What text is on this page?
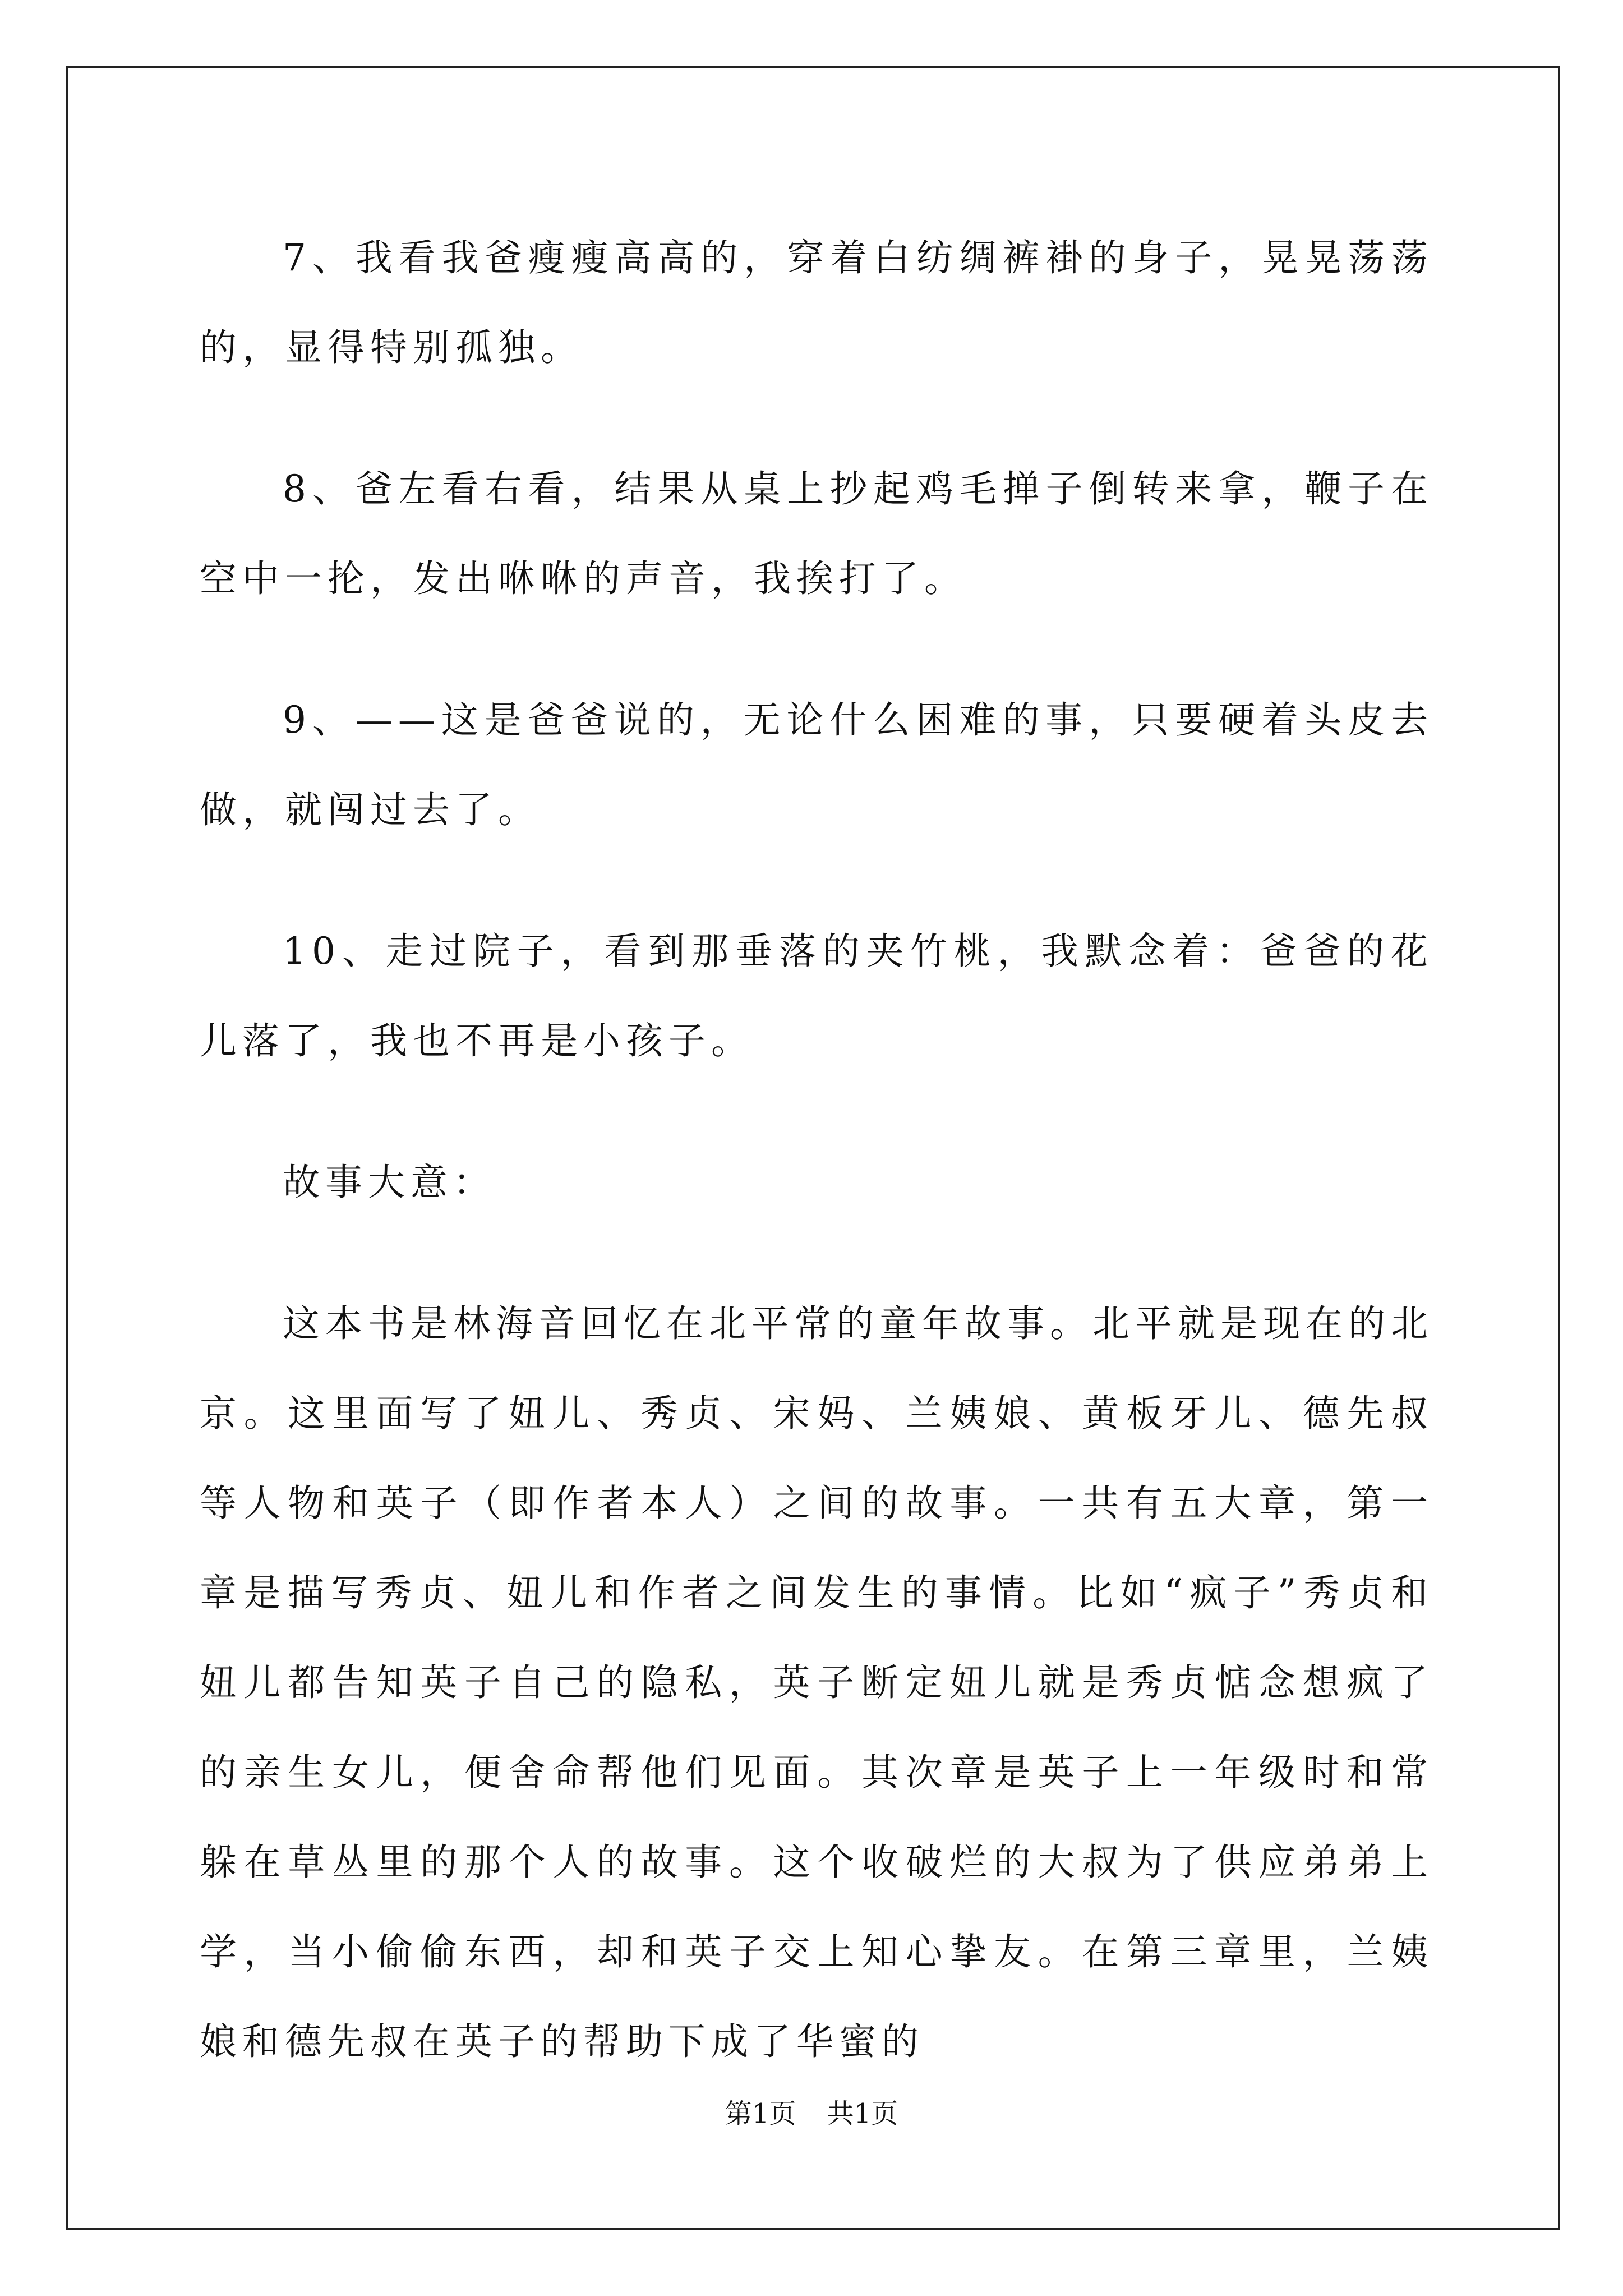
7、我看我爸瘦瘦高高的，穿着白纺绸裤褂的身子，晃晃荡荡的，显得特别孤独。

8、爸左看右看，结果从桌上抄起鸡毛掸子倒转来拿，鞭子在空中一抡，发出咻咻的声音，我挨打了。

9、——这是爸爸说的，无论什么困难的事，只要硬着头皮去做，就闯过去了。

10、走过院子，看到那垂落的夹竹桃，我默念着：爸爸的花儿落了，我也不再是小孩子。

故事大意：

这本书是林海音回忆在北平常的童年故事。北平就是现在的北京。这里面写了妞儿、秀贞、宋妈、兰姨娘、黄板牙儿、德先叔等人物和英子（即作者本人）之间的故事。一共有五大章，第一章是描写秀贞、妞儿和作者之间发生的事情。比如“疯子”秀贞和妞儿都告知英子自己的隐私，英子断定妞儿就是秀贞惦念想疯了的亲生女儿，便舍命帮他们见面。其次章是英子上一年级时和常躲在草丛里的那个人的故事。这个收破烂的大叔为了供应弟弟上学，当小偷偷东西，却和英子交上知心挚友。在第三章里，兰姨娘和德先叔在英子的帮助下成了华蜜的

第1页 共1页
